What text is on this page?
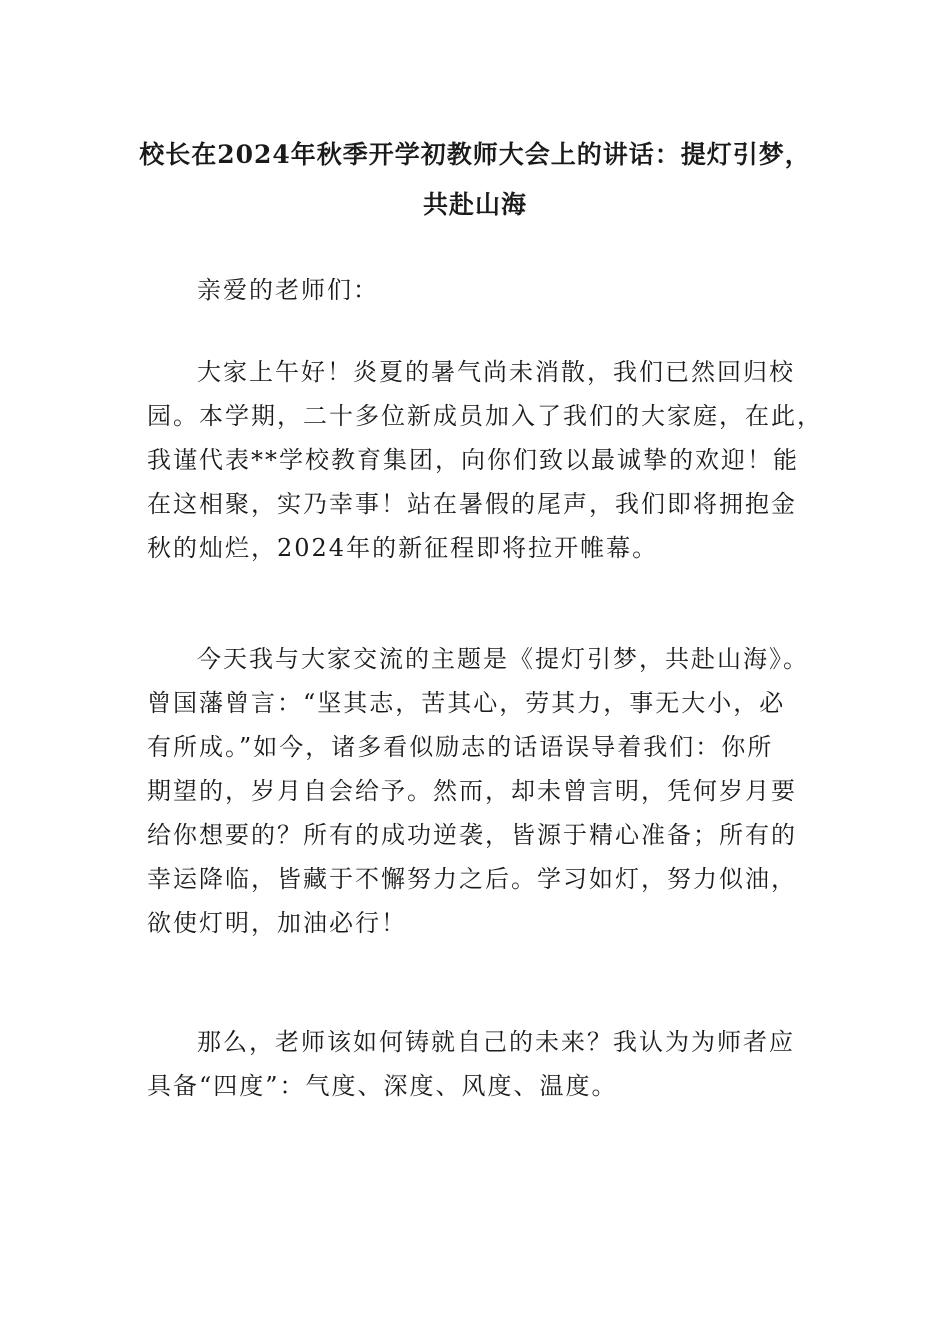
校长在2024年秋季开学初教师大会上的讲话：提灯引梦，
共赴山海

亲爱的老师们：

大家上午好！炎夏的暑气尚未消散，我们已然回归校
园。本学期，二十多位新成员加入了我们的大家庭，在此，
我谨代表**学校教育集团，向你们致以最诚挚的欢迎！能
在这相聚，实乃幸事！站在暑假的尾声，我们即将拥抱金
秋的灿烂，2024年的新征程即将拉开帷幕。

今天我与大家交流的主题是《提灯引梦，共赴山海》。
曾国藩曾言：“坚其志，苦其心，劳其力，事无大小，必
有所成。”如今，诸多看似励志的话语误导着我们：你所
期望的，岁月自会给予。然而，却未曾言明，凭何岁月要
给你想要的？所有的成功逆袭，皆源于精心准备；所有的
幸运降临，皆藏于不懈努力之后。学习如灯，努力似油，
欲使灯明，加油必行！

那么，老师该如何铸就自己的未来？我认为为师者应
具备“四度”：气度、深度、风度、温度。
